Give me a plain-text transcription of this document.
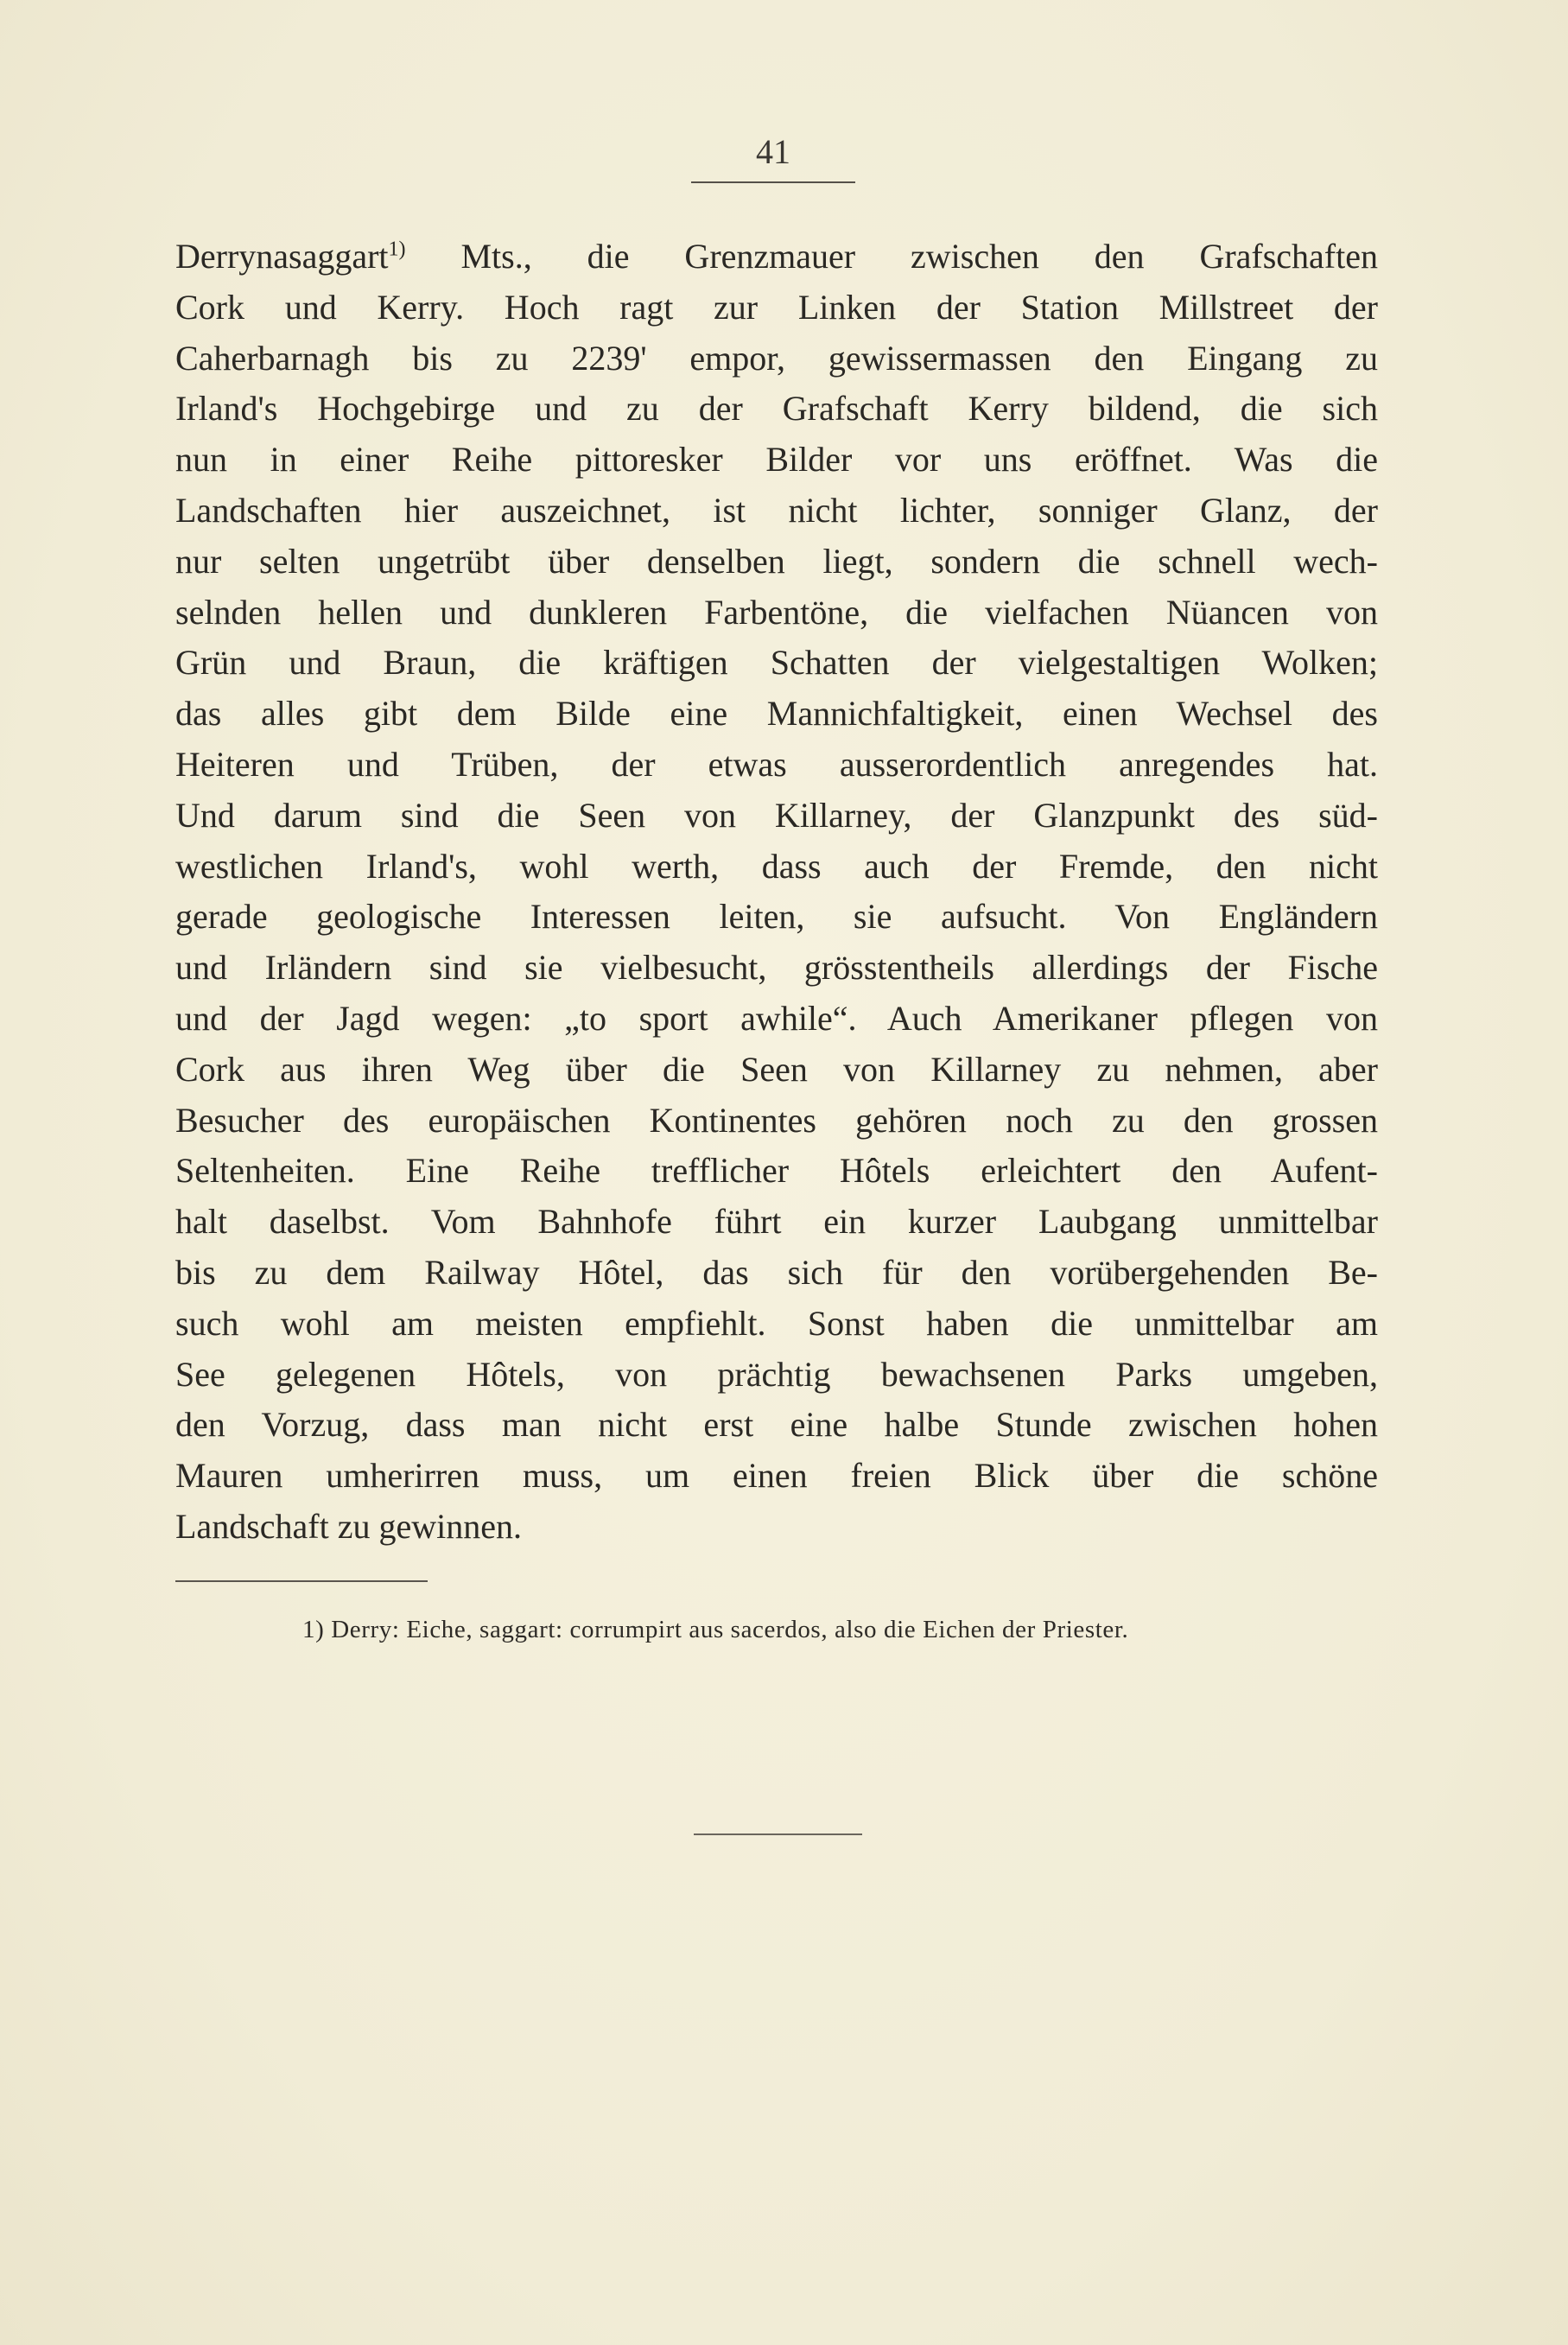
41
Derrynasaggart$^{1)}$ Mts., die Grenzmauer zwischen den Grafschaften
Cork und Kerry. Hoch ragt zur Linken der Station Millstreet der
Caherbarnagh bis zu 2239' empor, gewissermassen den Eingang zu
Irland's Hochgebirge und zu der Grafschaft Kerry bildend, die sich
nun in einer Reihe pittoresker Bilder vor uns eröffnet. Was die
Landschaften hier auszeichnet, ist nicht lichter, sonniger Glanz, der
nur selten ungetrübt über denselben liegt, sondern die schnell wech-
selnden hellen und dunkleren Farbentöne, die vielfachen Nüancen von
Grün und Braun, die kräftigen Schatten der vielgestaltigen Wolken;
das alles gibt dem Bilde eine Mannichfaltigkeit, einen Wechsel des
Heiteren und Trüben, der etwas ausserordentlich anregendes hat.
Und darum sind die Seen von Killarney, der Glanzpunkt des süd-
westlichen Irland's, wohl werth, dass auch der Fremde, den nicht
gerade geologische Interessen leiten, sie aufsucht. Von Engländern
und Irländern sind sie vielbesucht, grösstentheils allerdings der Fische
und der Jagd wegen: „to sport awhile“. Auch Amerikaner pflegen von
Cork aus ihren Weg über die Seen von Killarney zu nehmen, aber
Besucher des europäischen Kontinentes gehören noch zu den grossen
Seltenheiten. Eine Reihe trefflicher Hôtels erleichtert den Aufent-
halt daselbst. Vom Bahnhofe führt ein kurzer Laubgang unmittelbar
bis zu dem Railway Hôtel, das sich für den vorübergehenden Be-
such wohl am meisten empfiehlt. Sonst haben die unmittelbar am
See gelegenen Hôtels, von prächtig bewachsenen Parks umgeben,
den Vorzug, dass man nicht erst eine halbe Stunde zwischen hohen
Mauren umherirren muss, um einen freien Blick über die schöne
Landschaft zu gewinnen.
1) Derry: Eiche, saggart: corrumpirt aus sacerdos, also die Eichen der Priester.
